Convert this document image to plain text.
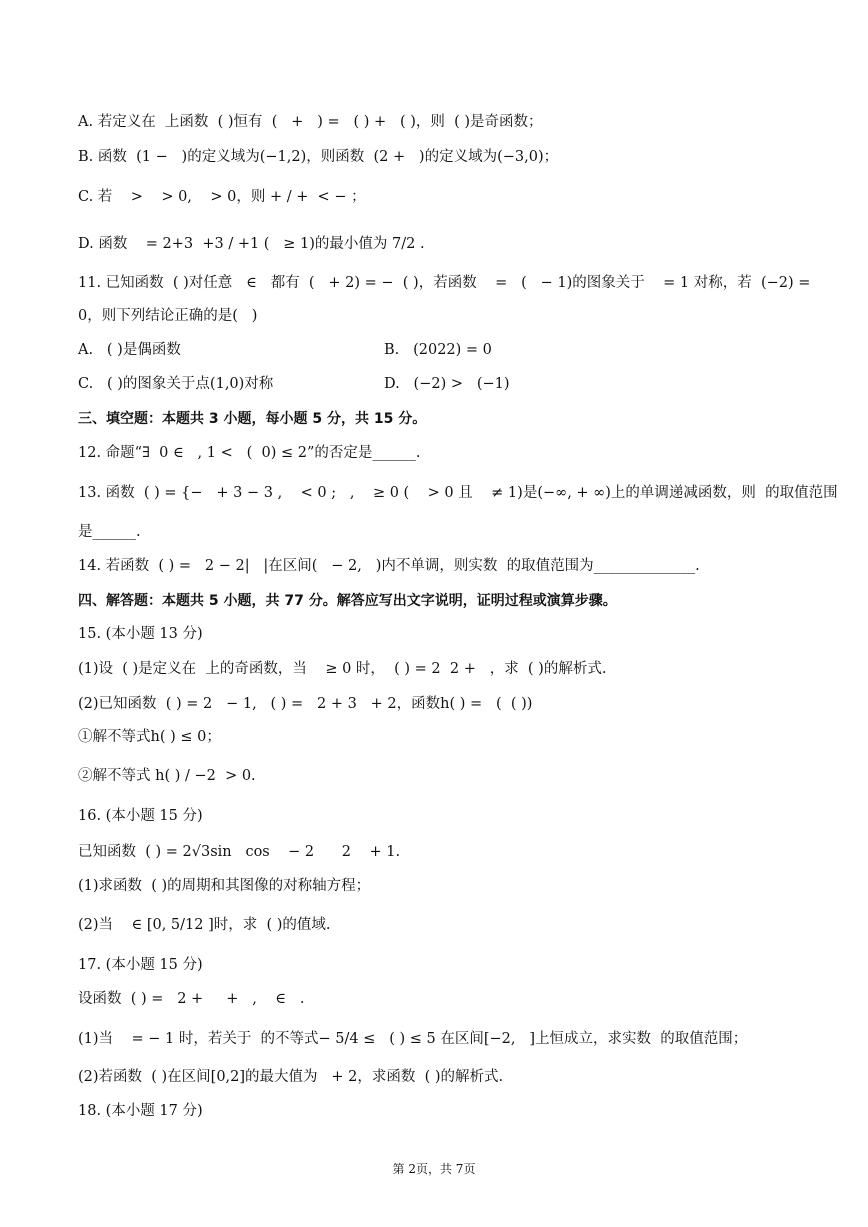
A. 若定义在  上函数  ( )恒有  (   +   ) =   ( ) +   ( )，则  ( )是奇函数；
B. 函数  (1 −   )的定义域为(−1,2)，则函数  (2 +   )的定义域为(−3,0)；
C. 若    >    > 0,    > 0，则 + / +  < − ；
D. 函数    = 2+3  +3 / +1 (   ≥ 1)的最小值为 7/2 .
11. 已知函数  ( )对任意   ∈   都有  (   + 2) = −  ( )，若函数    =   (   − 1)的图象关于    = 1 对称，若  (−2) =
0，则下列结论正确的是(   )
A.   ( )是偶函数	B.   (2022) = 0
C.   ( )的图象关于点(1,0)对称	D.   (−2) >   (−1)
三、填空题：本题共 3 小题，每小题 5 分，共 15 分。
12. 命题“∃  0 ∈   , 1 <   (  0) ≤ 2”的否定是______.
13. 函数  ( ) = {−   + 3 − 3 ,    < 0 ;   ,    ≥ 0 (    > 0 且    ≠ 1)是(−∞, + ∞)上的单调递减函数，则  的取值范围
是______.
14. 若函数  ( ) =   2 − 2|   |在区间(   − 2,   )内不单调，则实数  的取值范围为______________.
四、解答题：本题共 5 小题，共 77 分。解答应写出文字说明，证明过程或演算步骤。
15. (本小题 13 分)
(1)设  ( )是定义在  上的奇函数，当    ≥ 0 时，  ( ) = 2  2 +   ，求  ( )的解析式.
(2)已知函数  ( ) = 2   − 1,   ( ) =   2 + 3   + 2，函数h( ) =   (  ( ))
①解不等式h( ) ≤ 0；
②解不等式 h( ) / −2  > 0.
16. (本小题 15 分)
已知函数  ( ) = 2√3sin   cos    − 2      2    + 1.
(1)求函数  ( )的周期和其图像的对称轴方程；
(2)当    ∈ [0, 5/12 ]时，求  ( )的值域.
17. (本小题 15 分)
设函数  ( ) =   2 +     +   ,    ∈   .
(1)当    = − 1 时，若关于  的不等式− 5/4 ≤   ( ) ≤ 5 在区间[−2,   ]上恒成立，求实数  的取值范围；
(2)若函数  ( )在区间[0,2]的最大值为   + 2，求函数  ( )的解析式.
18. (本小题 17 分)
第 2页，共 7页
